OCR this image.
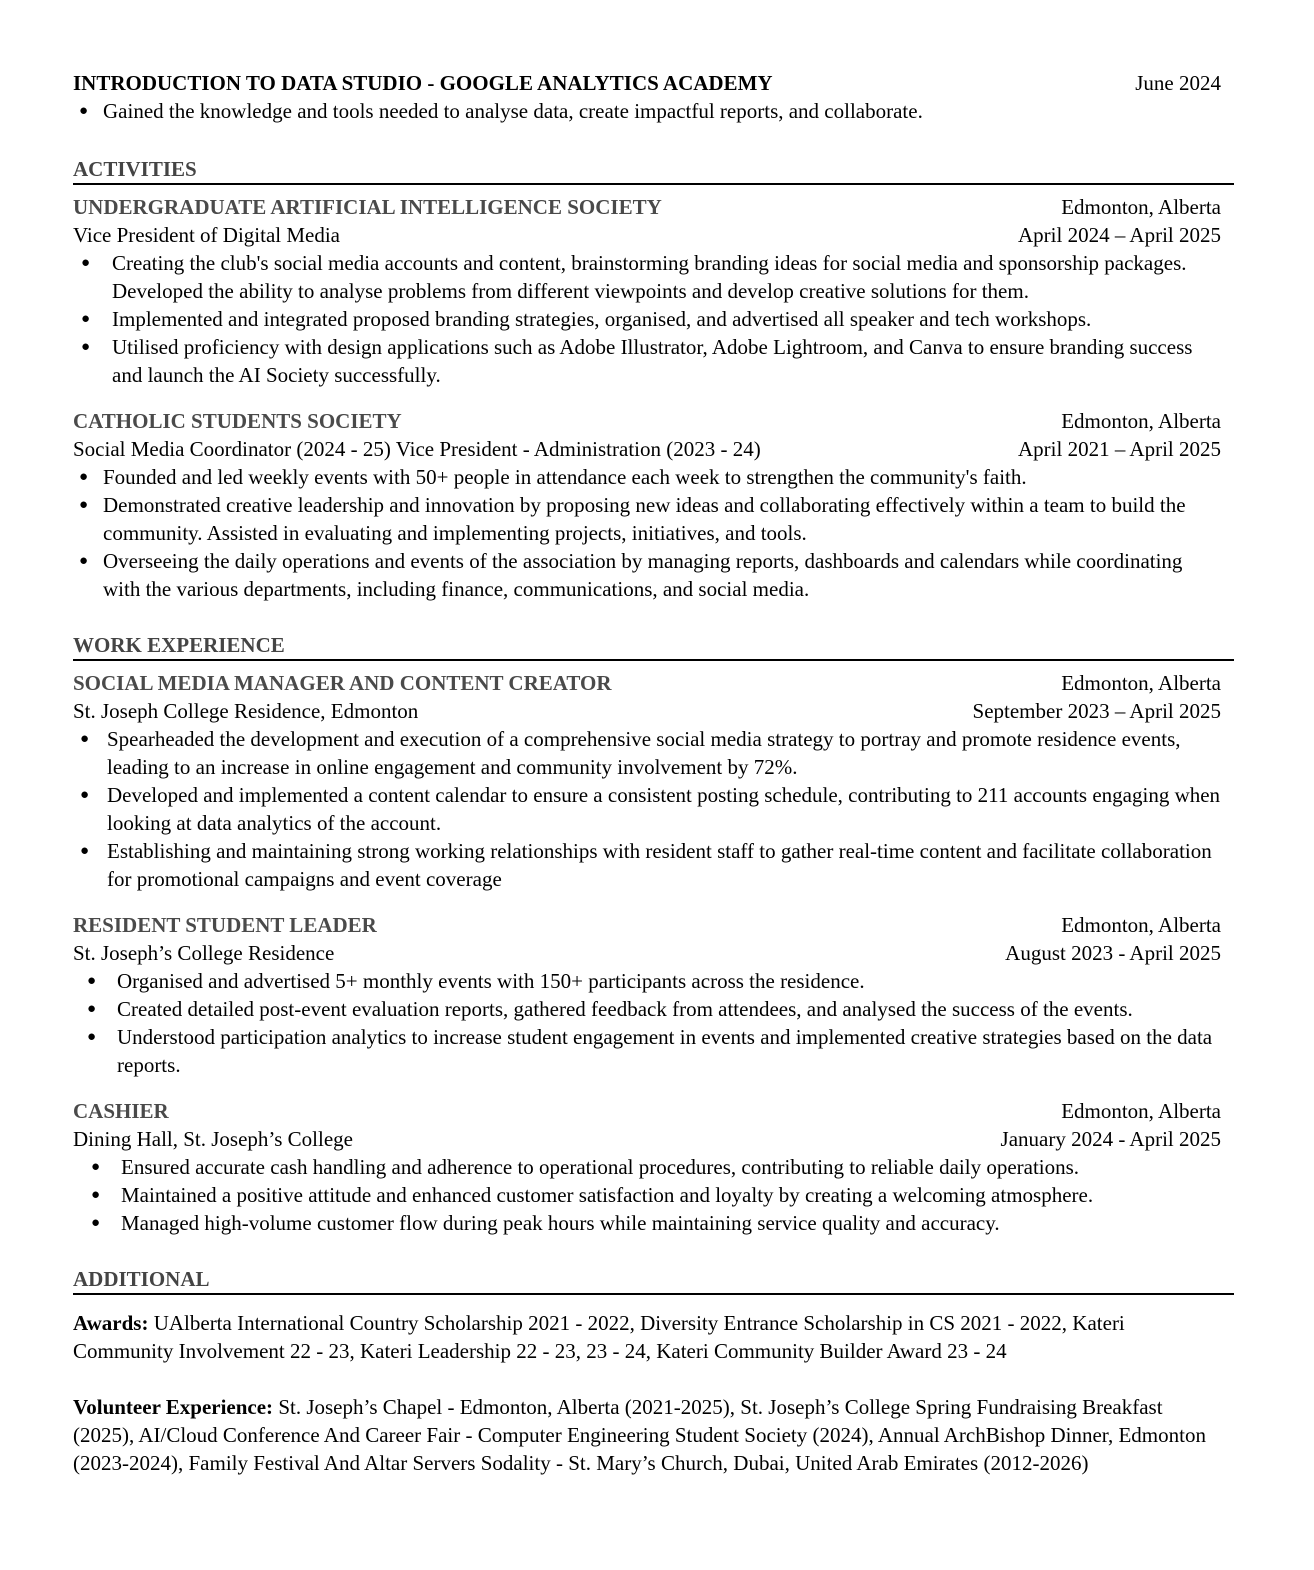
INTRODUCTION TO DATA STUDIO - GOOGLE ANALYTICS ACADEMY	June 2024
● Gained the knowledge and tools needed to analyse data, create impactful reports, and collaborate.
ACTIVITIES
UNDERGRADUATE ARTIFICIAL INTELLIGENCE SOCIETY	Edmonton, Alberta
Vice President of Digital Media	April 2024 – April 2025
● Creating the club's social media accounts and content, brainstorming branding ideas for social media and sponsorship packages. Developed the ability to analyse problems from different viewpoints and develop creative solutions for them.
● Implemented and integrated proposed branding strategies, organised, and advertised all speaker and tech workshops.
● Utilised proficiency with design applications such as Adobe Illustrator, Adobe Lightroom, and Canva to ensure branding success and launch the AI Society successfully.
CATHOLIC STUDENTS SOCIETY	Edmonton, Alberta
Social Media Coordinator (2024 - 25) Vice President - Administration (2023 - 24)	April 2021 – April 2025
● Founded and led weekly events with 50+ people in attendance each week to strengthen the community's faith.
● Demonstrated creative leadership and innovation by proposing new ideas and collaborating effectively within a team to build the community. Assisted in evaluating and implementing projects, initiatives, and tools.
● Overseeing the daily operations and events of the association by managing reports, dashboards and calendars while coordinating with the various departments, including finance, communications, and social media.
WORK EXPERIENCE
SOCIAL MEDIA MANAGER AND CONTENT CREATOR	Edmonton, Alberta
St. Joseph College Residence, Edmonton	September 2023 – April 2025
● Spearheaded the development and execution of a comprehensive social media strategy to portray and promote residence events, leading to an increase in online engagement and community involvement by 72%.
● Developed and implemented a content calendar to ensure a consistent posting schedule, contributing to 211 accounts engaging when looking at data analytics of the account.
● Establishing and maintaining strong working relationships with resident staff to gather real-time content and facilitate collaboration for promotional campaigns and event coverage
RESIDENT STUDENT LEADER	Edmonton, Alberta
St. Joseph’s College Residence	August 2023 - April 2025
● Organised and advertised 5+ monthly events with 150+ participants across the residence.
● Created detailed post-event evaluation reports, gathered feedback from attendees, and analysed the success of the events.
● Understood participation analytics to increase student engagement in events and implemented creative strategies based on the data reports.
CASHIER	Edmonton, Alberta
Dining Hall, St. Joseph’s College	January 2024 - April 2025
● Ensured accurate cash handling and adherence to operational procedures, contributing to reliable daily operations.
● Maintained a positive attitude and enhanced customer satisfaction and loyalty by creating a welcoming atmosphere.
● Managed high-volume customer flow during peak hours while maintaining service quality and accuracy.
ADDITIONAL

Awards: UAlberta International Country Scholarship 2021 - 2022, Diversity Entrance Scholarship in CS 2021 - 2022, Kateri Community Involvement 22 - 23, Kateri Leadership 22 - 23, 23 - 24, Kateri Community Builder Award 23 - 24

Volunteer Experience: St. Joseph’s Chapel - Edmonton, Alberta (2021-2025), St. Joseph’s College Spring Fundraising Breakfast (2025), AI/Cloud Conference And Career Fair - Computer Engineering Student Society (2024), Annual ArchBishop Dinner, Edmonton (2023-2024), Family Festival And Altar Servers Sodality - St. Mary’s Church, Dubai, United Arab Emirates (2012-2026)
